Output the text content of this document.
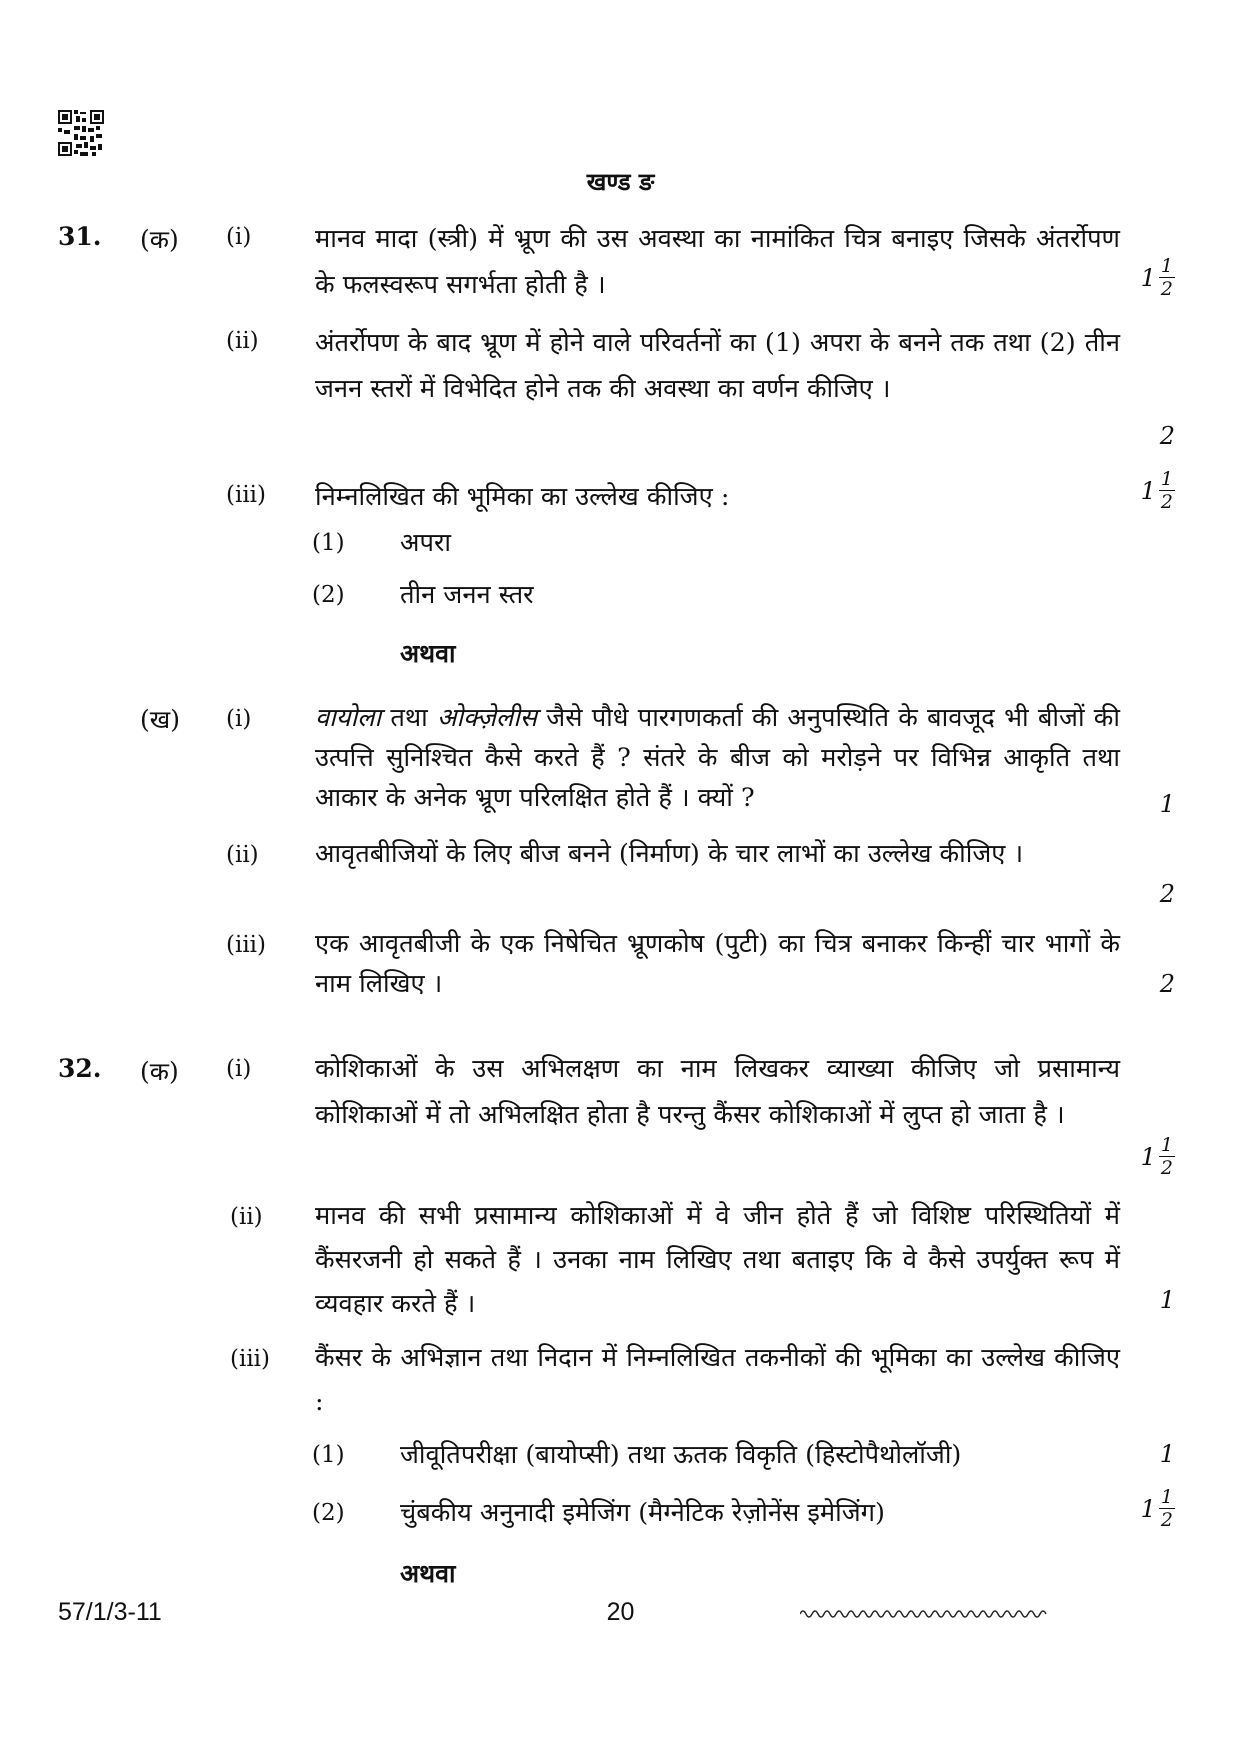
खण्ड ङ
31. (क) (i) मानव मादा (स्त्री) में भ्रूण की उस अवस्था का नामांकित चित्र बनाइए जिसके अंतर्रोपण के फलस्वरूप सगर्भता होती है ।	1 1
2
(ii) अंतर्रोपण के बाद भ्रूण में होने वाले परिवर्तनों का (1) अपरा के बनने तक तथा (2) तीन जनन स्तरों में विभेदित होने तक की अवस्था का वर्णन कीजिए ।
2
(iii) निम्नलिखित की भूमिका का उल्लेख कीजिए :	1 1
2
(1) अपरा
(2) तीन जनन स्तर
अथवा
(ख) (i) वायोला तथा ओक्ज़ेलीस जैसे पौधे पारगणकर्ता की अनुपस्थिति के बावजूद भी बीजों की उत्पत्ति सुनिश्चित कैसे करते हैं ? संतरे के बीज को मरोड़ने पर विभिन्न आकृति तथा आकार के अनेक भ्रूण परिलक्षित होते हैं । क्यों ?	1
(ii) आवृतबीजियों के लिए बीज बनने (निर्माण) के चार लाभों का उल्लेख कीजिए ।
2
(iii) एक आवृतबीजी के एक निषेचित भ्रूणकोष (पुटी) का चित्र बनाकर किन्हीं चार भागों के नाम लिखिए ।	2
32. (क) (i) कोशिकाओं के उस अभिलक्षण का नाम लिखकर व्याख्या कीजिए जो प्रसामान्य कोशिकाओं में तो अभिलक्षित होता है परन्तु कैंसर कोशिकाओं में लुप्त हो जाता है ।
1 1
2
(ii) मानव की सभी प्रसामान्य कोशिकाओं में वे जीन होते हैं जो विशिष्ट परिस्थितियों में कैंसरजनी हो सकते हैं । उनका नाम लिखिए तथा बताइए कि वे कैसे उपर्युक्त रूप में व्यवहार करते हैं ।	1
(iii) कैंसर के अभिज्ञान तथा निदान में निम्नलिखित तकनीकों की भूमिका का उल्लेख कीजिए :
(1) जीवूतिपरीक्षा (बायोप्सी) तथा ऊतक विकृति (हिस्टोपैथोलॉजी)	1
(2) चुंबकीय अनुनादी इमेजिंग (मैग्नेटिक रेज़ोनेंस इमेजिंग)	1 1
2
अथवा
57/1/3-11	20
